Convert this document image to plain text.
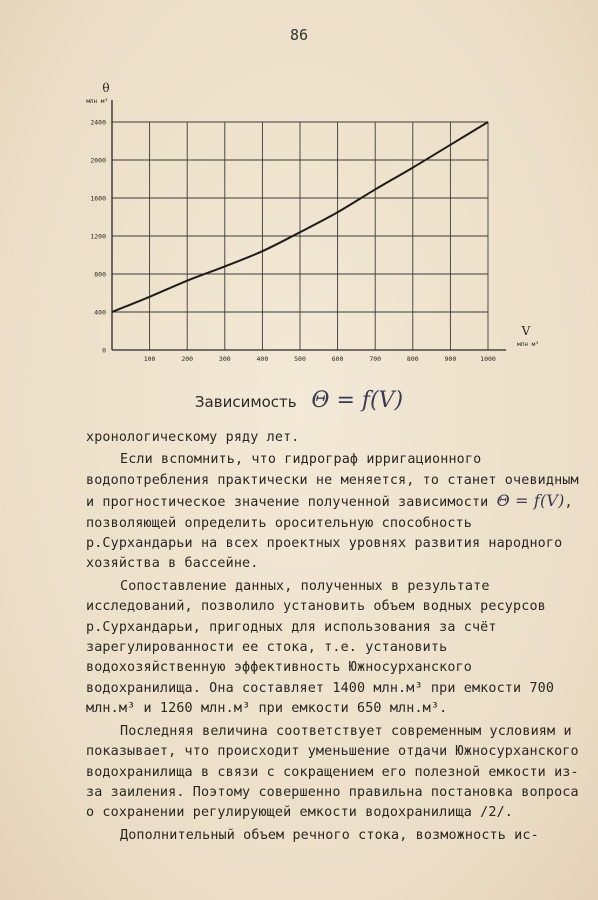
86
100	200	300	400	500	600	700	800	900	1000
0
400
800
1200
1600
2000
2400
θ
млн м³
V
млн м³
Зависимость Θ = f(V)

хронологическому ряду лет.

Если вспомнить, что гидрограф ирригационного водопотребления практически не меняется, то станет очевидным и прогностическое значение полученной зависимости Θ = f(V), позволяющей определить оросительную способность р.Сурхандарьи на всех проектных уровнях развития народного хозяйства в бассейне.

Сопоставление данных, полученных в результате исследований, позволило установить объем водных ресурсов р.Сурхандарьи, пригодных для использования за счёт зарегулированности ее стока, т.е. установить водохозяйственную эффективность Южносурханского водохранилища. Она составляет 1400 млн.м³ при емкости 700 млн.м³ и 1260 млн.м³ при емкости 650 млн.м³.

Последняя величина соответствует современным условиям и показывает, что происходит уменьшение отдачи Южносурханского водохранилища в связи с сокращением его полезной емкости из-за заиления. Поэтому совершенно правильна постановка вопроса о сохранении регулирующей емкости водохранилища /2/.

Дополнительный объем речного стока, возможность ис-
